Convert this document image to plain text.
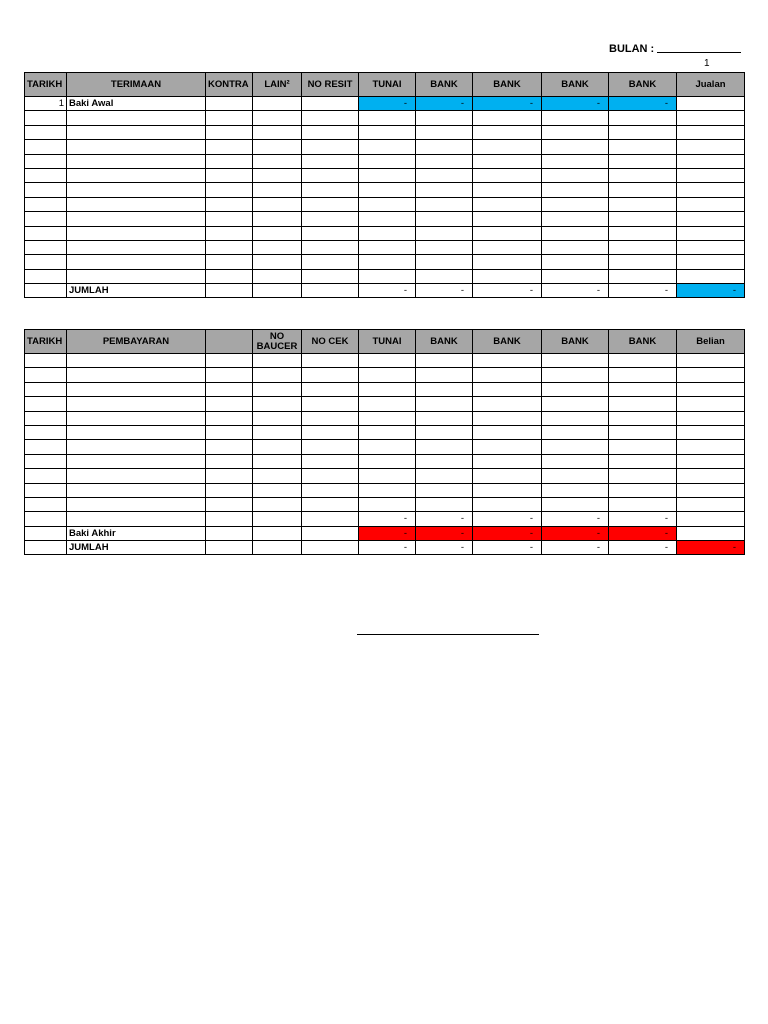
BULAN :
1
TARIKH	TERIMAAN	KONTRA	LAIN²	NO RESIT	TUNAI	BANK	BANK	BANK	BANK	Jualan
1	Baki Awal				-	-	-	-	-	

	JUMLAH				-	-	-	-	-	-
TARIKH	PEMBAYARAN		NO BAUCER	NO CEK	TUNAI	BANK	BANK	BANK	BANK	Belian

					-	-	-	-	-	
	Baki Akhir				-	-	-	-	-	
	JUMLAH				-	-	-	-	-	-
